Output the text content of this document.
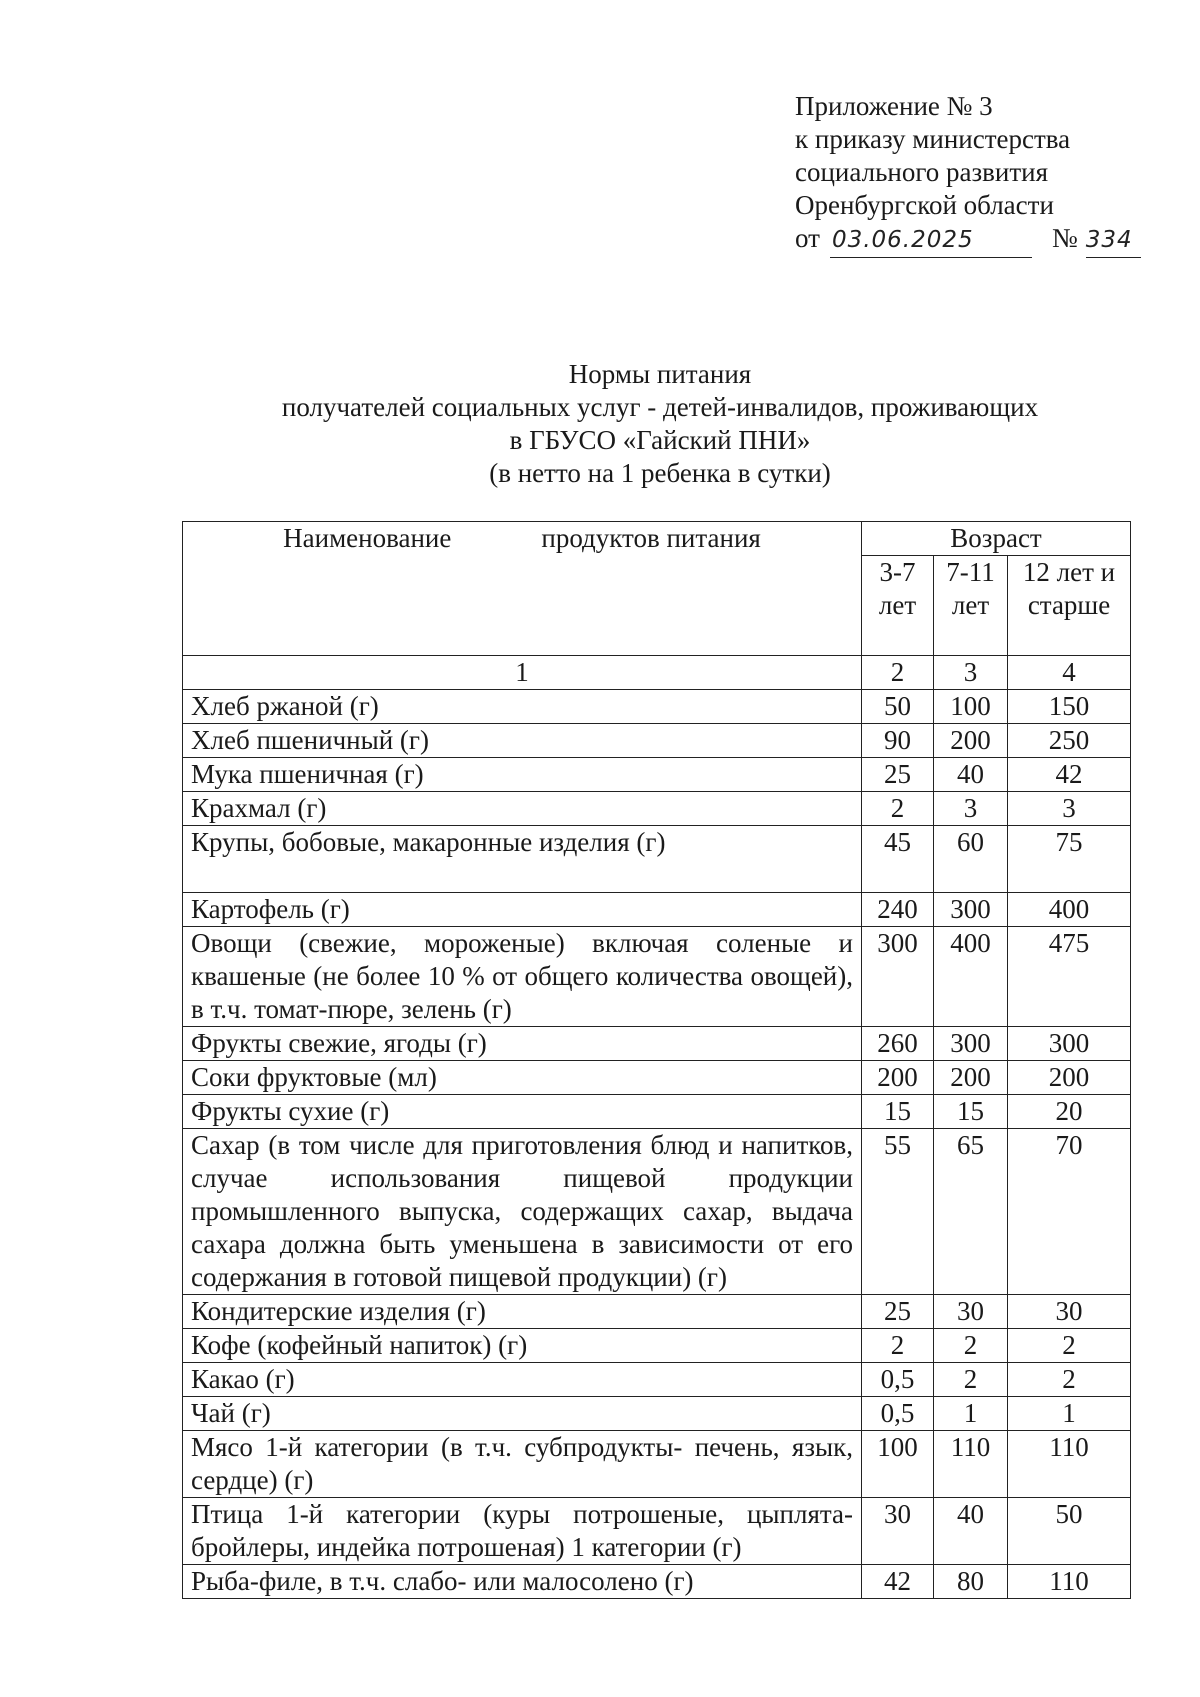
Приложение № 3
к приказу министерства
социального развития
Оренбургской области
от 03.06.2025	№ 334
Нормы питания
получателей социальных услуг - детей-инвалидов, проживающих
в ГБУСО «Гайский ПНИ»
(в нетто на 1 ребенка в сутки)
Наименование продуктов питания	Возраст		
	3-7 лет	7-11 лет	12 лет и старше
1	2	3	4
Хлеб ржаной (г)	50	100	150
Хлеб пшеничный (г)	90	200	250
Мука пшеничная (г)	25	40	42
Крахмал (г)	2	3	3
Крупы, бобовые, макаронные изделия (г)	45	60	75
Картофель (г)	240	300	400
Овощи (свежие, мороженые) включая соленые и квашеные (не более 10 % от общего количества овощей), в т.ч. томат-пюре, зелень (г)	300	400	475
Фрукты свежие, ягоды (г)	260	300	300
Соки фруктовые (мл)	200	200	200
Фрукты сухие (г)	15	15	20
Сахар (в том числе для приготовления блюд и напитков, случае использования пищевой продукции промышленного выпуска, содержащих сахар, выдача сахара должна быть уменьшена в зависимости от его содержания в готовой пищевой продукции) (г)	55	65	70
Кондитерские изделия (г)	25	30	30
Кофе (кофейный напиток) (г)	2	2	2
Какао (г)	0,5	2	2
Чай (г)	0,5	1	1
Мясо 1-й категории (в т.ч. субпродукты- печень, язык, сердце) (г)	100	110	110
Птица 1-й категории (куры потрошеные, цыплята-бройлеры, индейка потрошеная) 1 категории (г)	30	40	50
Рыба-филе, в т.ч. слабо- или малосолено (г)	42	80	110
